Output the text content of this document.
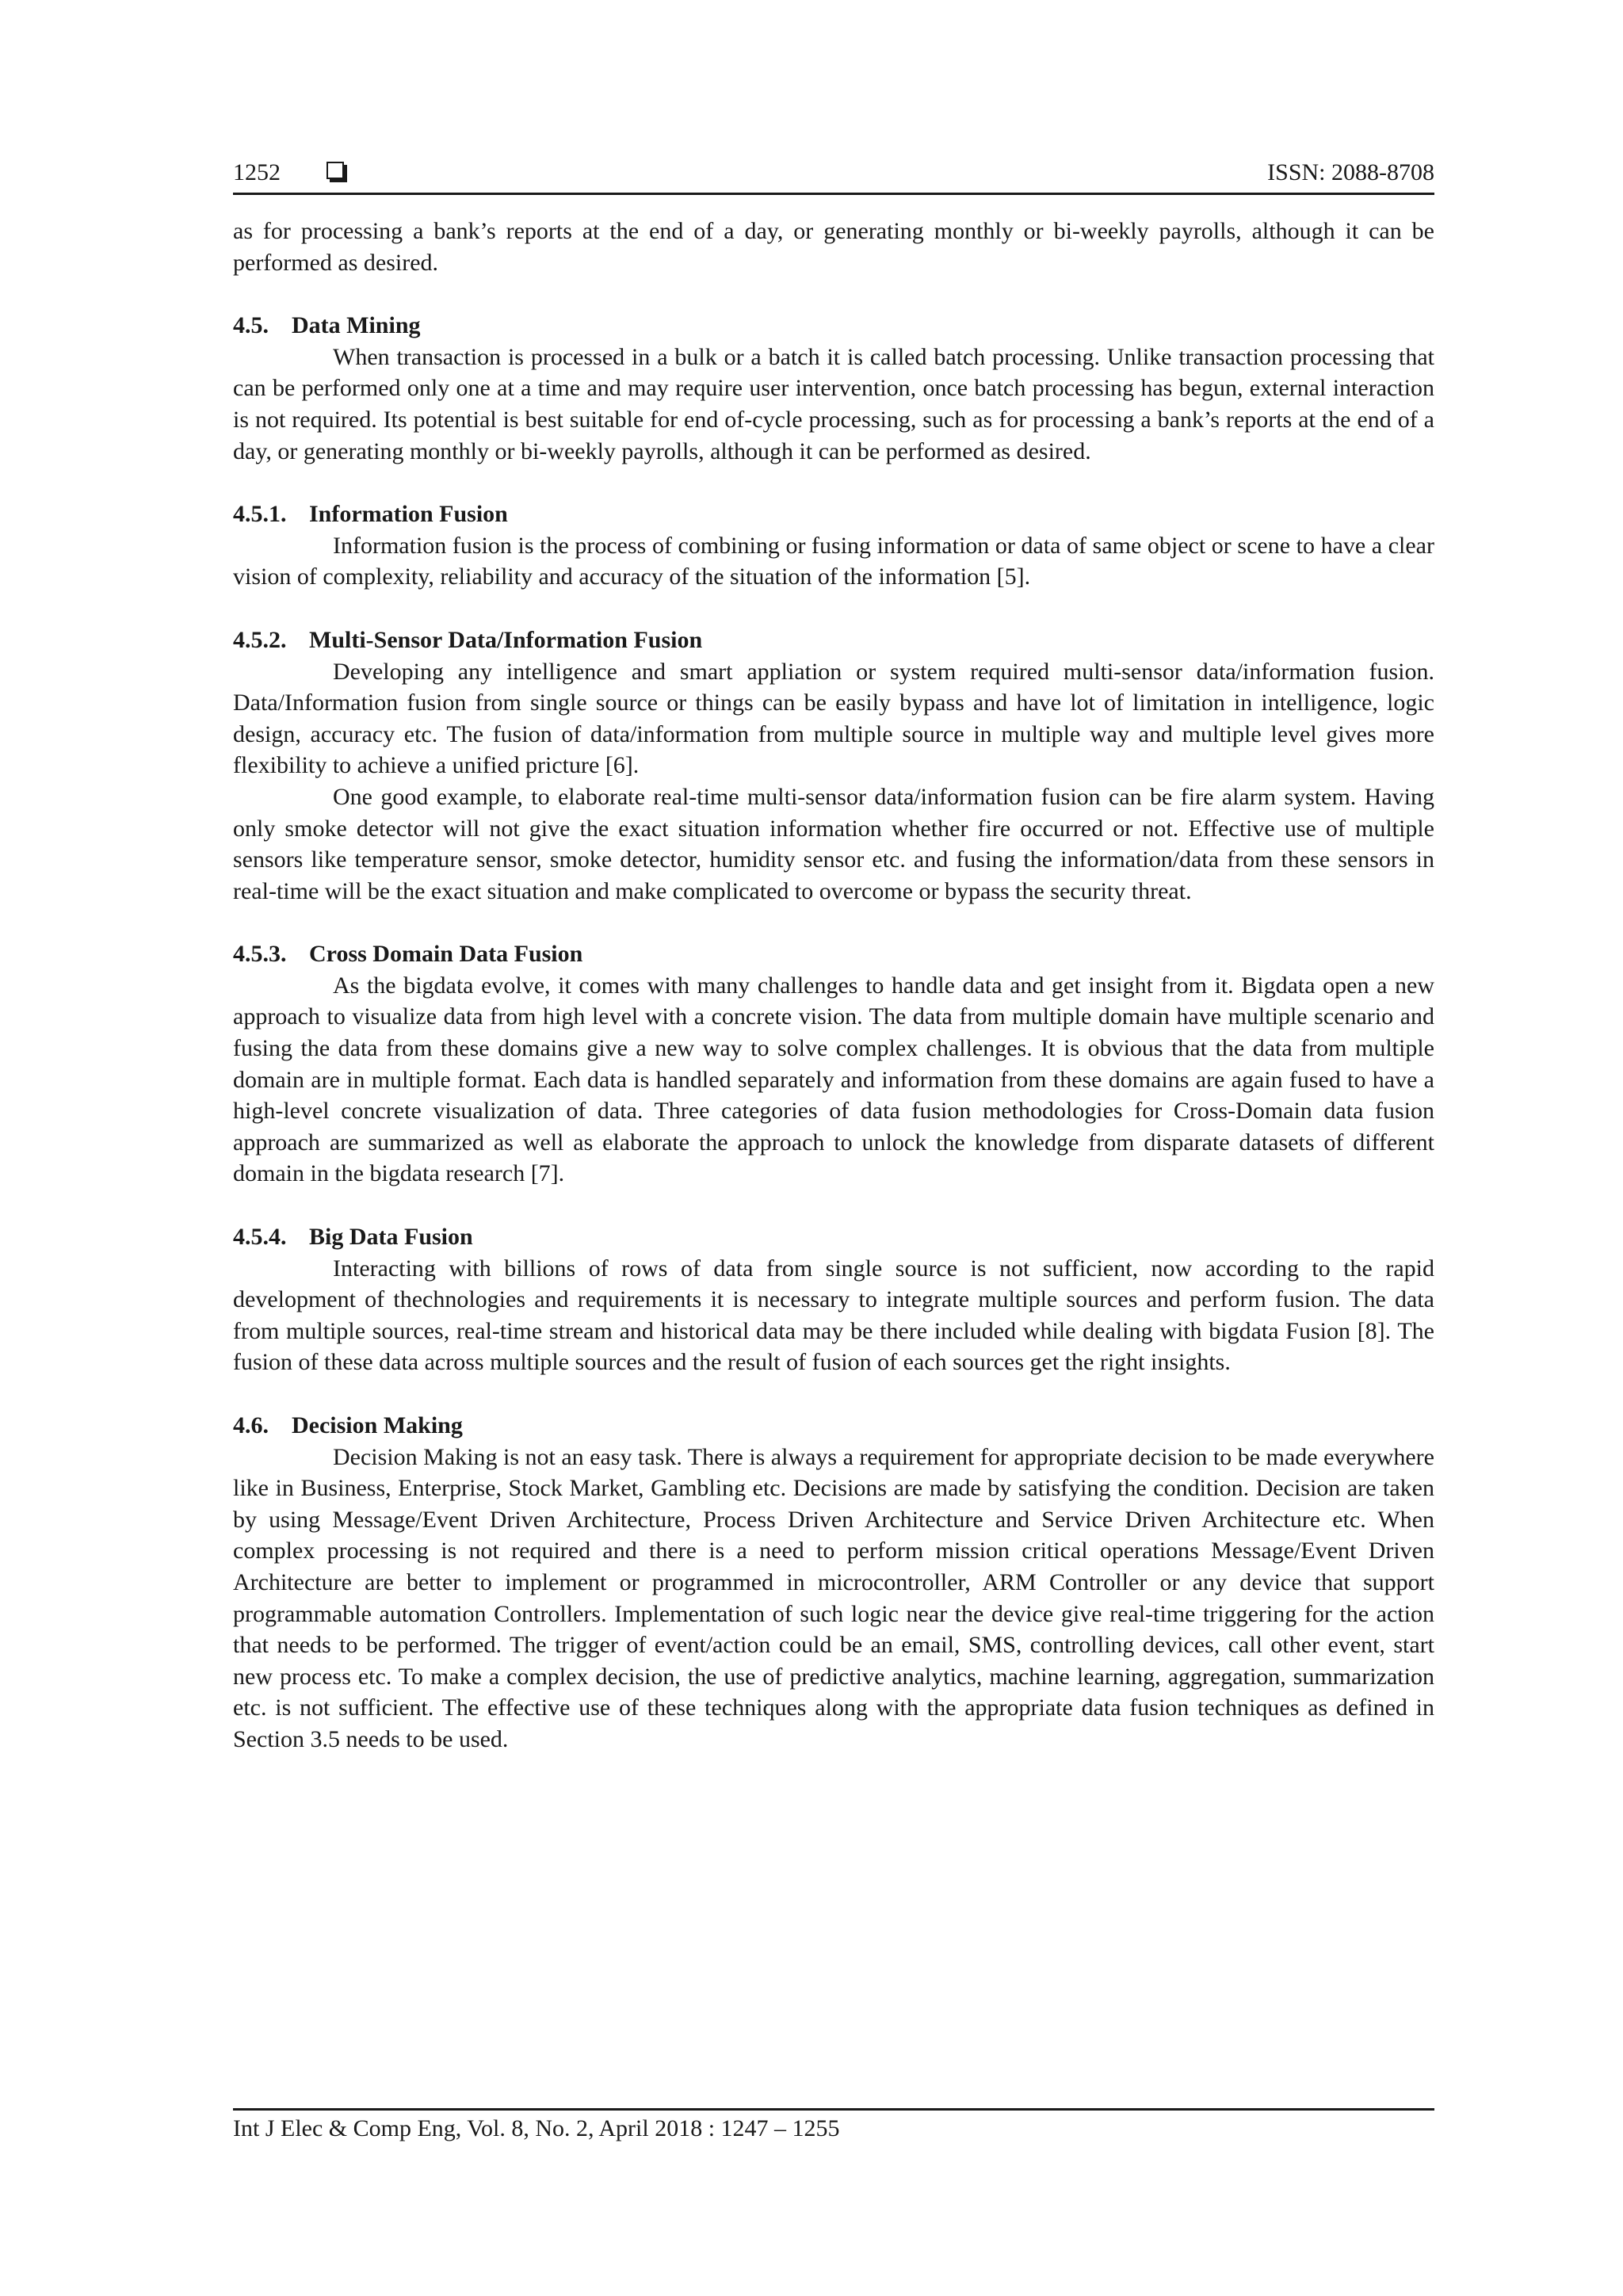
1252	ISSN: 2088-8708

as for processing a bank’s reports at the end of a day, or generating monthly or bi-weekly payrolls, although it can be performed as desired.

4.5. Data Mining

When transaction is processed in a bulk or a batch it is called batch processing. Unlike transaction processing that can be performed only one at a time and may require user intervention, once batch processing has begun, external interaction is not required. Its potential is best suitable for end of-cycle processing, such as for processing a bank’s reports at the end of a day, or generating monthly or bi-weekly payrolls, although it can be performed as desired.

4.5.1. Information Fusion

Information fusion is the process of combining or fusing information or data of same object or scene to have a clear vision of complexity, reliability and accuracy of the situation of the information [5].

4.5.2. Multi-Sensor Data/Information Fusion

Developing any intelligence and smart appliation or system required multi-sensor data/information fusion. Data/Information fusion from single source or things can be easily bypass and have lot of limitation in intelligence, logic design, accuracy etc. The fusion of data/information from multiple source in multiple way and multiple level gives more flexibility to achieve a unified pricture [6].

One good example, to elaborate real-time multi-sensor data/information fusion can be fire alarm system. Having only smoke detector will not give the exact situation information whether fire occurred or not. Effective use of multiple sensors like temperature sensor, smoke detector, humidity sensor etc. and fusing the information/data from these sensors in real-time will be the exact situation and make complicated to overcome or bypass the security threat.

4.5.3. Cross Domain Data Fusion

As the bigdata evolve, it comes with many challenges to handle data and get insight from it. Bigdata open a new approach to visualize data from high level with a concrete vision. The data from multiple domain have multiple scenario and fusing the data from these domains give a new way to solve complex challenges. It is obvious that the data from multiple domain are in multiple format. Each data is handled separately and information from these domains are again fused to have a high-level concrete visualization of data. Three categories of data fusion methodologies for Cross-Domain data fusion approach are summarized as well as elaborate the approach to unlock the knowledge from disparate datasets of different domain in the bigdata research [7].

4.5.4. Big Data Fusion

Interacting with billions of rows of data from single source is not sufficient, now according to the rapid development of thechnologies and requirements it is necessary to integrate multiple sources and perform fusion. The data from multiple sources, real-time stream and historical data may be there included while dealing with bigdata Fusion [8]. The fusion of these data across multiple sources and the result of fusion of each sources get the right insights.

4.6. Decision Making

Decision Making is not an easy task. There is always a requirement for appropriate decision to be made everywhere like in Business, Enterprise, Stock Market, Gambling etc. Decisions are made by satisfying the condition. Decision are taken by using Message/Event Driven Architecture, Process Driven Architecture and Service Driven Architecture etc. When complex processing is not required and there is a need to perform mission critical operations Message/Event Driven Architecture are better to implement or programmed in microcontroller, ARM Controller or any device that support programmable automation Controllers. Implementation of such logic near the device give real-time triggering for the action that needs to be performed. The trigger of event/action could be an email, SMS, controlling devices, call other event, start new process etc. To make a complex decision, the use of predictive analytics, machine learning, aggregation, summarization etc. is not sufficient. The effective use of these techniques along with the appropriate data fusion techniques as defined in Section 3.5 needs to be used.

Int J Elec & Comp Eng, Vol. 8, No. 2, April 2018 : 1247 – 1255
